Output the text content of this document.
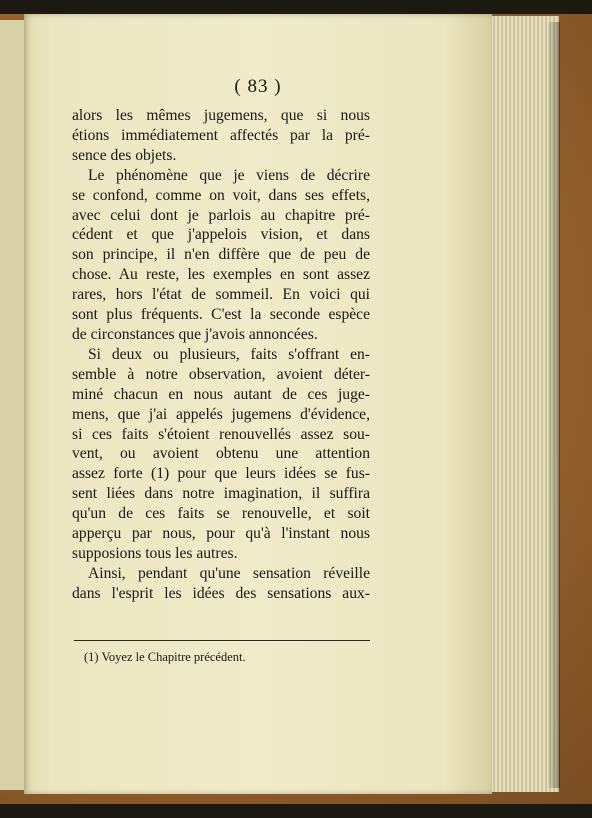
( 83 )
alors les mêmes jugemens, que si nous
étions immédiatement affectés par la pré-
sence des objets.
Le phénomène que je viens de décrire
se confond, comme on voit, dans ses effets,
avec celui dont je parlois au chapitre pré-
cédent et que j'appelois vision, et dans
son principe, il n'en diffère que de peu de
chose. Au reste, les exemples en sont assez
rares, hors l'état de sommeil. En voici qui
sont plus fréquents. C'est la seconde espèce
de circonstances que j'avois annoncées.
Si deux ou plusieurs, faits s'offrant en-
semble à notre observation, avoient déter-
miné chacun en nous autant de ces juge-
mens, que j'ai appelés jugemens d'évidence,
si ces faits s'étoient renouvellés assez sou-
vent, ou avoient obtenu une attention
assez forte (1) pour que leurs idées se fus-
sent liées dans notre imagination, il suffira
qu'un de ces faits se renouvelle, et soit
apperçu par nous, pour qu'à l'instant nous
supposions tous les autres.
Ainsi, pendant qu'une sensation réveille
dans l'esprit les idées des sensations aux-
(1) Voyez le Chapitre précédent.
